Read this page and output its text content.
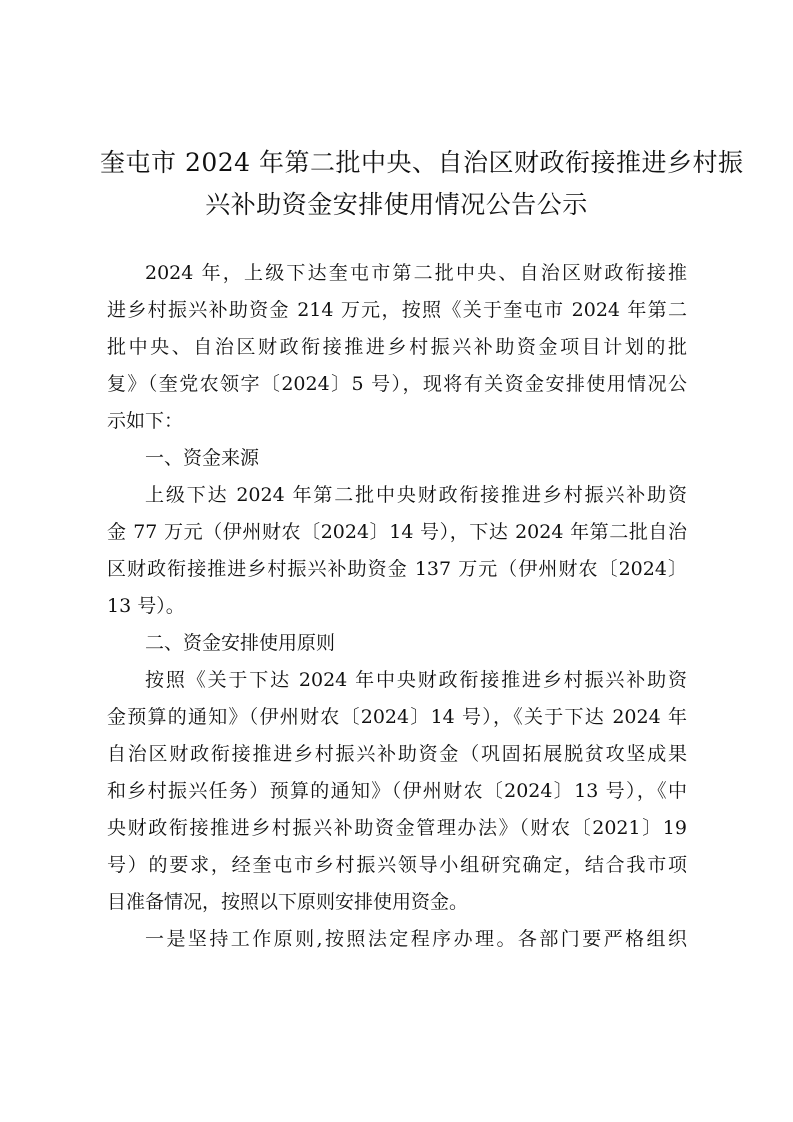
奎屯市 2024 年第二批中央、自治区财政衔接推进乡村振
兴补助资金安排使用情况公告公示
2024 年，上级下达奎屯市第二批中央、自治区财政衔接推
进乡村振兴补助资金 214 万元，按照《关于奎屯市 2024 年第二
批中央、自治区财政衔接推进乡村振兴补助资金项目计划的批
复》（奎党农领字〔2024〕5 号），现将有关资金安排使用情况公
示如下：
一、资金来源
上级下达 2024 年第二批中央财政衔接推进乡村振兴补助资
金 77 万元（伊州财农〔2024〕14 号），下达 2024 年第二批自治
区财政衔接推进乡村振兴补助资金 137 万元（伊州财农〔2024〕
13 号）。
二、资金安排使用原则
按照《关于下达 2024 年中央财政衔接推进乡村振兴补助资
金预算的通知》（伊州财农〔2024〕14 号），《关于下达 2024 年
自治区财政衔接推进乡村振兴补助资金（巩固拓展脱贫攻坚成果
和乡村振兴任务）预算的通知》（伊州财农〔2024〕13 号），《中
央财政衔接推进乡村振兴补助资金管理办法》（财农〔2021〕19
号）的要求，经奎屯市乡村振兴领导小组研究确定，结合我市项
目准备情况，按照以下原则安排使用资金。
一是坚持工作原则,按照法定程序办理。各部门要严格组织
